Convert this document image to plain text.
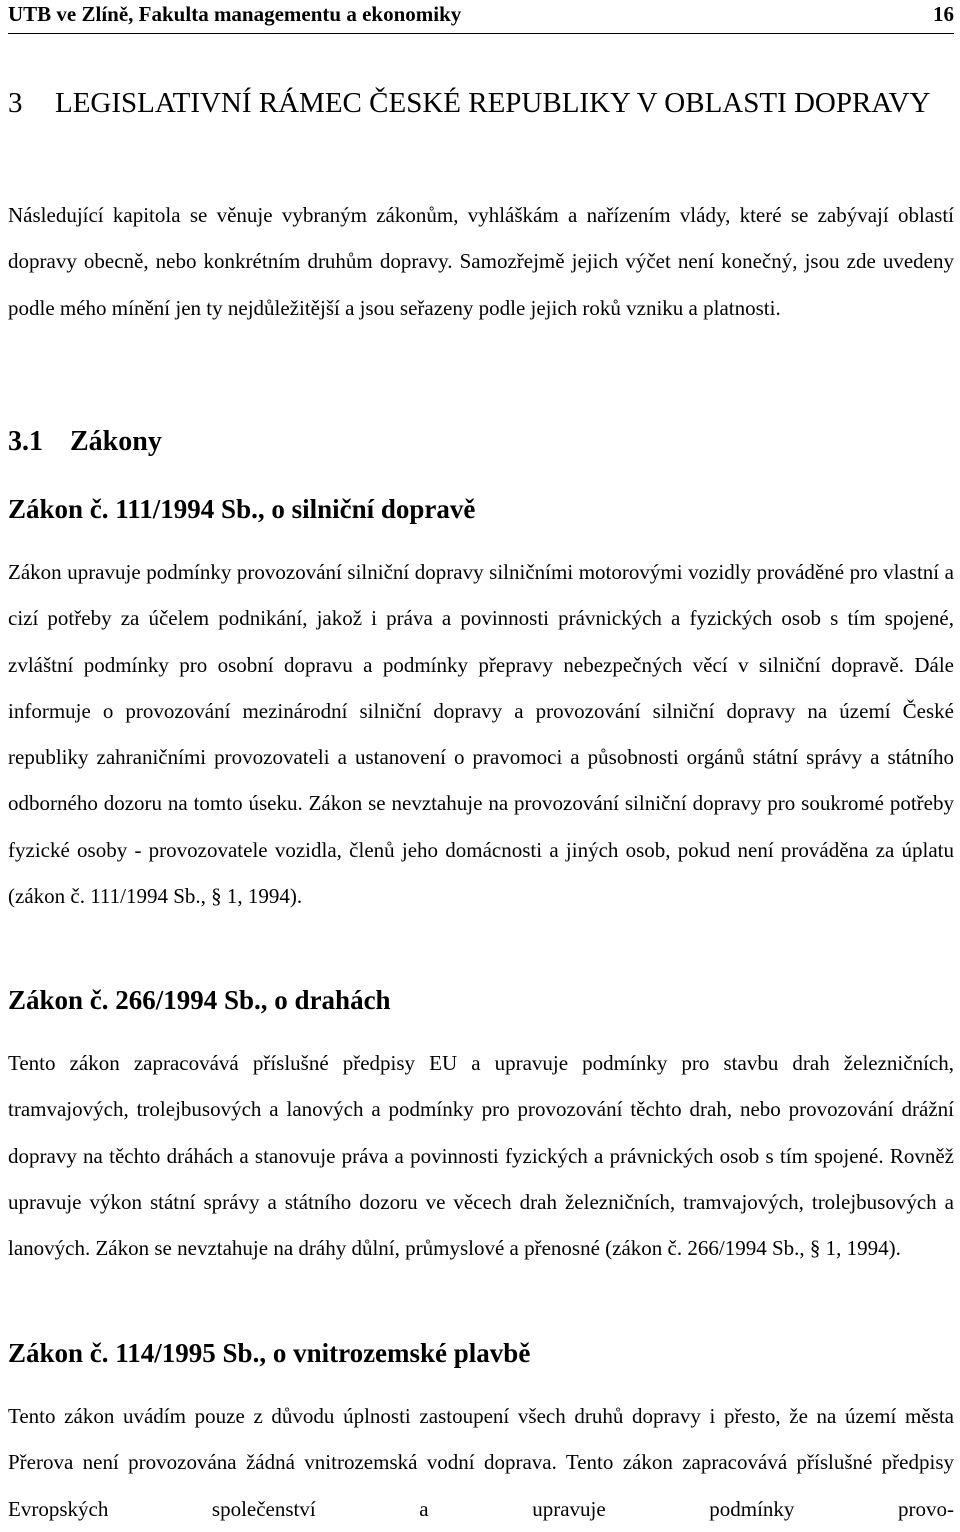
UTB ve Zlíně, Fakulta managementu a ekonomiky	16
3	LEGISLATIVNÍ RÁMEC ČESKÉ REPUBLIKY V OBLASTI DOPRAVY

Následující kapitola se věnuje vybraným zákonům, vyhláškám a nařízením vlády, které se zabývají oblastí dopravy obecně, nebo konkrétním druhům dopravy. Samozřejmě jejich výčet není konečný, jsou zde uvedeny podle mého mínění jen ty nejdůležitější a jsou seřazeny podle jejich roků vzniku a platnosti.

3.1 Zákony
Zákon č. 111/1994 Sb., o silniční dopravě

Zákon upravuje podmínky provozování silniční dopravy silničními motorovými vozidly prováděné pro vlastní a cizí potřeby za účelem podnikání, jakož i práva a povinnosti právnických a fyzických osob s tím spojené, zvláštní podmínky pro osobní dopravu a podmínky přepravy nebezpečných věcí v silniční dopravě. Dále informuje o provozování mezinárodní silniční dopravy a provozování silniční dopravy na území České republiky zahraničními provozovateli a ustanovení o pravomoci a působnosti orgánů státní správy a státního odborného dozoru na tomto úseku. Zákon se nevztahuje na provozování silniční dopravy pro soukromé potřeby fyzické osoby - provozovatele vozidla, členů jeho domácnosti a jiných osob, pokud není prováděna za úplatu (zákon č. 111/1994 Sb., § 1, 1994).

Zákon č. 266/1994 Sb., o drahách

Tento zákon zapracovává příslušné předpisy EU a upravuje podmínky pro stavbu drah železničních, tramvajových, trolejbusových a lanových a podmínky pro provozování těchto drah, nebo provozování drážní dopravy na těchto dráhách a stanovuje práva a povinnosti fyzických a právnických osob s tím spojené. Rovněž upravuje výkon státní správy a státního dozoru ve věcech drah železničních, tramvajových, trolejbusových a lanových. Zákon se nevztahuje na dráhy důlní, průmyslové a přenosné (zákon č. 266/1994 Sb., § 1, 1994).

Zákon č. 114/1995 Sb., o vnitrozemské plavbě

Tento zákon uvádím pouze z důvodu úplnosti zastoupení všech druhů dopravy i přesto, že na území města Přerova není provozována žádná vnitrozemská vodní doprava. Tento zákon zapracovává příslušné předpisy Evropských společenství a upravuje podmínky provo-
